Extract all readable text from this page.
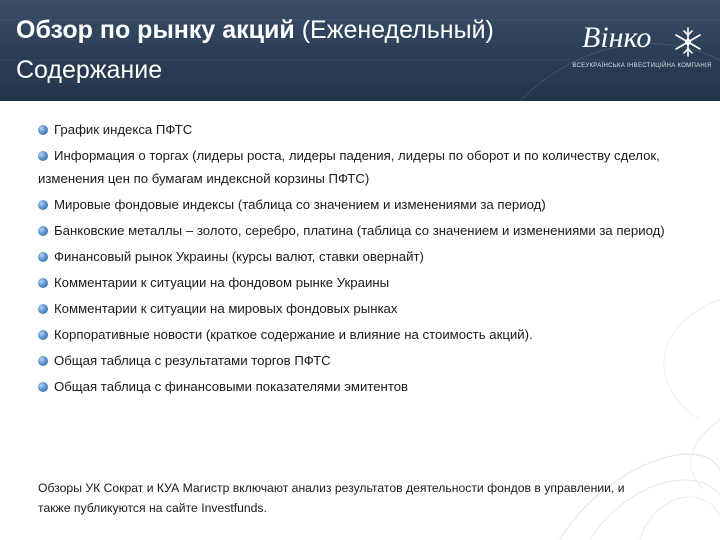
Обзор по рынку акций (Еженедельный)
Содержание
Вінко
ВСЕУКРАЇНСЬКА ІНВЕСТИЦІЙНА КОМПАНІЯ
График индекса ПФТС
Информация о торгах (лидеры роста, лидеры падения, лидеры по оборот и по количеству сделок, изменения цен по бумагам индексной корзины ПФТС)
Мировые фондовые индексы (таблица со значением и изменениями за период)
Банковские металлы – золото, серебро, платина (таблица со значением и изменениями за период)
Финансовый рынок Украины (курсы валют, ставки овернайт)
Комментарии к ситуации на фондовом рынке Украины
Комментарии к ситуации на мировых фондовых рынках
Корпоративные новости (краткое содержание и влияние на стоимость акций).
Общая таблица с результатами торгов ПФТС
Общая таблица с финансовыми показателями эмитентов
Обзоры УК Сократ и КУА Магистр включают анализ результатов деятельности фондов в управлении, и также публикуются на сайте Investfunds.
